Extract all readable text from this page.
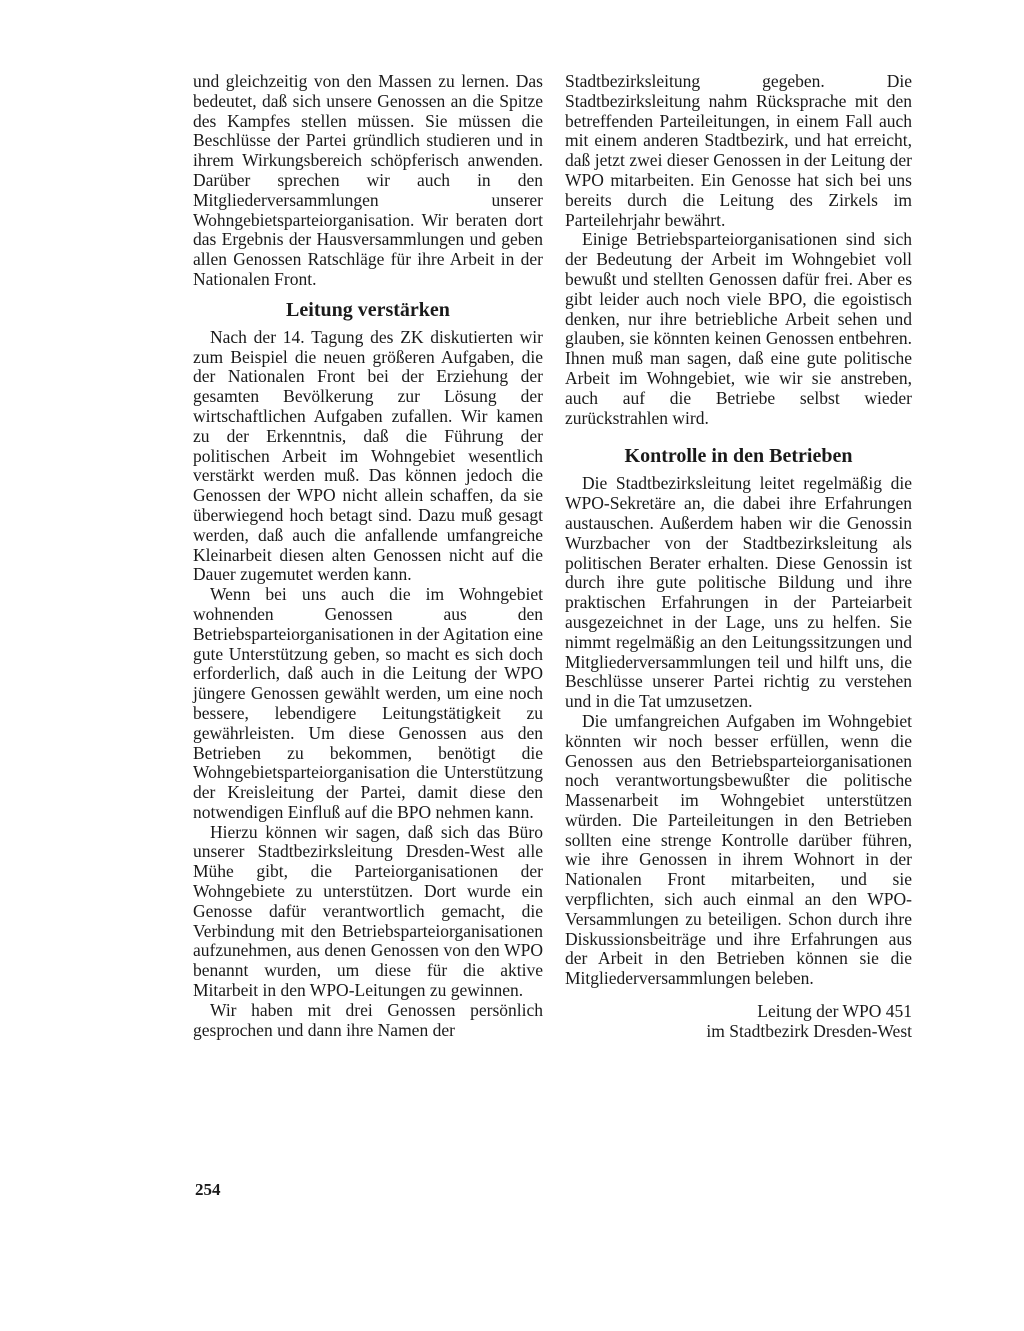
und gleichzeitig von den Massen zu lernen. Das bedeutet, daß sich unsere Genossen an die Spitze des Kampfes stellen müssen. Sie müssen die Beschlüsse der Partei gründlich studieren und in ihrem Wirkungsbereich schöpferisch anwenden. Darüber sprechen wir auch in den Mitgliederversammlungen unserer Wohngebietsparteiorganisation. Wir beraten dort das Ergebnis der Hausversammlungen und geben allen Genossen Ratschläge für ihre Arbeit in der Nationalen Front.

Leitung verstärken

Nach der 14. Tagung des ZK diskutierten wir zum Beispiel die neuen größeren Aufgaben, die der Nationalen Front bei der Erziehung der gesamten Bevölkerung zur Lösung der wirtschaftlichen Aufgaben zufallen. Wir kamen zu der Erkenntnis, daß die Führung der politischen Arbeit im Wohngebiet wesentlich verstärkt werden muß. Das können jedoch die Genossen der WPO nicht allein schaffen, da sie überwiegend hoch betagt sind. Dazu muß gesagt werden, daß auch die anfallende umfangreiche Kleinarbeit diesen alten Genossen nicht auf die Dauer zugemutet werden kann.

Wenn bei uns auch die im Wohngebiet wohnenden Genossen aus den Betriebsparteiorganisationen in der Agitation eine gute Unterstützung geben, so macht es sich doch erforderlich, daß auch in die Leitung der WPO jüngere Genossen gewählt werden, um eine noch bessere, lebendigere Leitungstätigkeit zu gewährleisten. Um diese Genossen aus den Betrieben zu bekommen, benötigt die Wohngebietsparteiorganisation die Unterstützung der Kreisleitung der Partei, damit diese den notwendigen Einfluß auf die BPO nehmen kann.

Hierzu können wir sagen, daß sich das Büro unserer Stadtbezirksleitung Dresden-West alle Mühe gibt, die Parteiorganisationen der Wohngebiete zu unterstützen. Dort wurde ein Genosse dafür verantwortlich gemacht, die Verbindung mit den Betriebsparteiorganisationen aufzunehmen, aus denen Genossen von den WPO benannt wurden, um diese für die aktive Mitarbeit in den WPO-Leitungen zu gewinnen.

Wir haben mit drei Genossen persönlich gesprochen und dann ihre Namen der

Stadtbezirksleitung gegeben. Die Stadtbezirksleitung nahm Rücksprache mit den betreffenden Parteileitungen, in einem Fall auch mit einem anderen Stadtbezirk, und hat erreicht, daß jetzt zwei dieser Genossen in der Leitung der WPO mitarbeiten. Ein Genosse hat sich bei uns bereits durch die Leitung des Zirkels im Parteilehrjahr bewährt.

Einige Betriebsparteiorganisationen sind sich der Bedeutung der Arbeit im Wohngebiet voll bewußt und stellten Genossen dafür frei. Aber es gibt leider auch noch viele BPO, die egoistisch denken, nur ihre betriebliche Arbeit sehen und glauben, sie könnten keinen Genossen entbehren. Ihnen muß man sagen, daß eine gute politische Arbeit im Wohngebiet, wie wir sie anstreben, auch auf die Betriebe selbst wieder zurückstrahlen wird.

Kontrolle in den Betrieben

Die Stadtbezirksleitung leitet regelmäßig die WPO-Sekretäre an, die dabei ihre Erfahrungen austauschen. Außerdem haben wir die Genossin Wurzbacher von der Stadtbezirksleitung als politischen Berater erhalten. Diese Genossin ist durch ihre gute politische Bildung und ihre praktischen Erfahrungen in der Parteiarbeit ausgezeichnet in der Lage, uns zu helfen. Sie nimmt regelmäßig an den Leitungssitzungen und Mitgliederversammlungen teil und hilft uns, die Beschlüsse unserer Partei richtig zu verstehen und in die Tat umzusetzen.

Die umfangreichen Aufgaben im Wohngebiet könnten wir noch besser erfüllen, wenn die Genossen aus den Betriebsparteiorganisationen noch verantwortungsbewußter die politische Massenarbeit im Wohngebiet unterstützen würden. Die Parteileitungen in den Betrieben sollten eine strenge Kontrolle darüber führen, wie ihre Genossen in ihrem Wohnort in der Nationalen Front mitarbeiten, und sie verpflichten, sich auch einmal an den WPO-Versammlungen zu beteiligen. Schon durch ihre Diskussionsbeiträge und ihre Erfahrungen aus der Arbeit in den Betrieben können sie die Mitgliederversammlungen beleben.

Leitung der WPO 451
im Stadtbezirk Dresden-West
254
